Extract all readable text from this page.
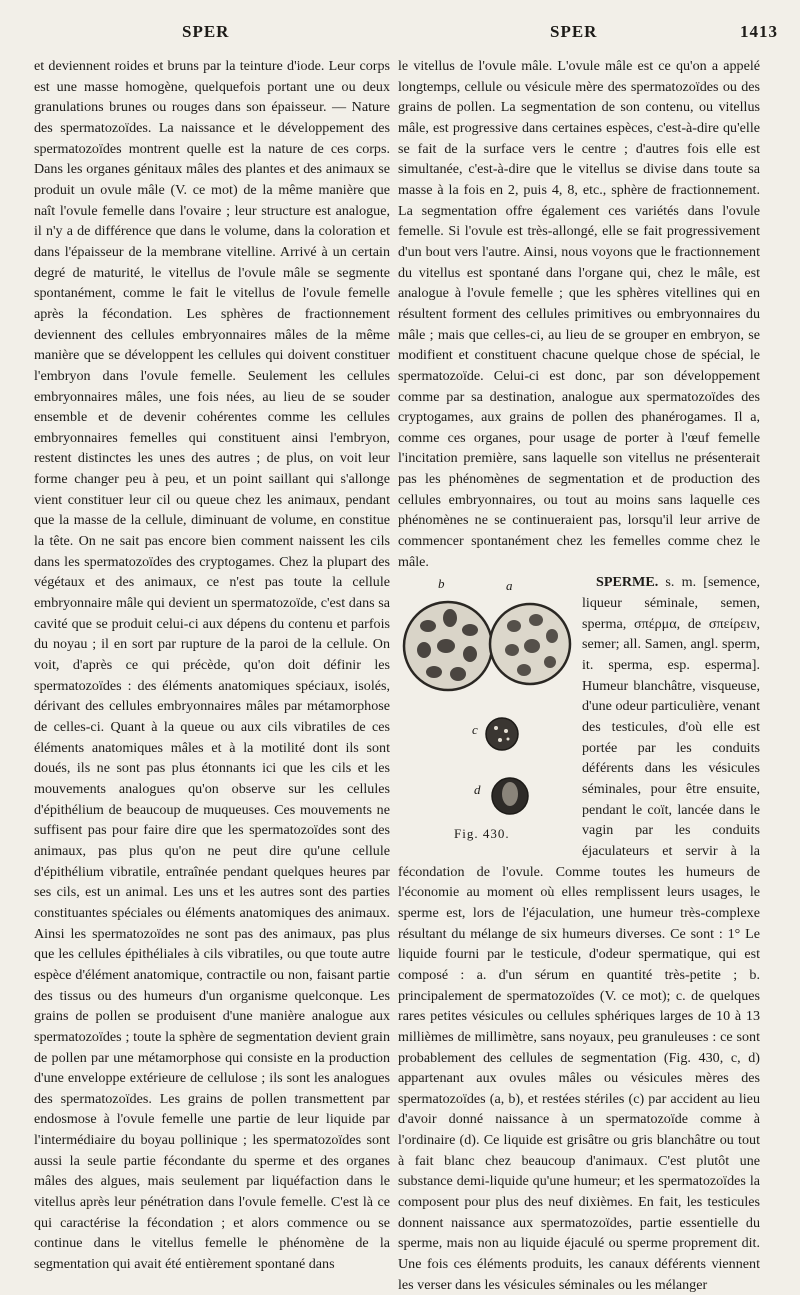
SPER	SPER	1413

et deviennent roides et bruns par la teinture d'iode. Leur corps est une masse homogène, quelquefois portant une ou deux granulations brunes ou rouges dans son épaisseur. — Nature des spermatozoïdes. La naissance et le développement des spermatozoïdes montrent quelle est la nature de ces corps. Dans les organes génitaux mâles des plantes et des animaux se produit un ovule mâle (V. ce mot) de la même manière que naît l'ovule femelle dans l'ovaire ; leur structure est analogue, il n'y a de différence que dans le volume, dans la coloration et dans l'épaisseur de la membrane vitelline. Arrivé à un certain degré de maturité, le vitellus de l'ovule mâle se segmente spontanément, comme le fait le vitellus de l'ovule femelle après la fécondation. Les sphères de fractionnement deviennent des cellules embryonnaires mâles de la même manière que se développent les cellules qui doivent constituer l'embryon dans l'ovule femelle. Seulement les cellules embryonnaires mâles, une fois nées, au lieu de se souder ensemble et de devenir cohérentes comme les cellules embryonnaires femelles qui constituent ainsi l'embryon, restent distinctes les unes des autres ; de plus, on voit leur forme changer peu à peu, et un point saillant qui s'allonge vient constituer leur cil ou queue chez les animaux, pendant que la masse de la cellule, diminuant de volume, en constitue la tête. On ne sait pas encore bien comment naissent les cils dans les spermatozoïdes des cryptogames. Chez la plupart des végétaux et des animaux, ce n'est pas toute la cellule embryonnaire mâle qui devient un spermatozoïde, c'est dans sa cavité que se produit celui-ci aux dépens du contenu et parfois du noyau ; il en sort par rupture de la paroi de la cellule. On voit, d'après ce qui précède, qu'on doit définir les spermatozoïdes : des éléments anatomiques spéciaux, isolés, dérivant des cellules embryonnaires mâles par métamorphose de celles-ci. Quant à la queue ou aux cils vibratiles de ces éléments anatomiques mâles et à la motilité dont ils sont doués, ils ne sont pas plus étonnants ici que les cils et les mouvements analogues qu'on observe sur les cellules d'épithélium de beaucoup de muqueuses. Ces mouvements ne suffisent pas pour faire dire que les spermatozoïdes sont des animaux, pas plus qu'on ne peut dire qu'une cellule d'épithélium vibratile, entraînée pendant quelques heures par ses cils, est un animal. Les uns et les autres sont des parties constituantes spéciales ou éléments anatomiques des animaux. Ainsi les spermatozoïdes ne sont pas des animaux, pas plus que les cellules épithéliales à cils vibratiles, ou que toute autre espèce d'élément anatomique, contractile ou non, faisant partie des tissus ou des humeurs d'un organisme quelconque. Les grains de pollen se produisent d'une manière analogue aux spermatozoïdes ; toute la sphère de segmentation devient grain de pollen par une métamorphose qui consiste en la production d'une enveloppe extérieure de cellulose ; ils sont les analogues des spermatozoïdes. Les grains de pollen transmettent par endosmose à l'ovule femelle une partie de leur liquide par l'intermédiaire du boyau pollinique ; les spermatozoïdes sont aussi la seule partie fécondante du sperme et des organes mâles des algues, mais seulement par liquéfaction dans le vitellus après leur pénétration dans l'ovule femelle. C'est là ce qui caractérise la fécondation ; et alors commence ou se continue dans le vitellus femelle le phénomène de la segmentation qui avait été entièrement spontané dans

le vitellus de l'ovule mâle. L'ovule mâle est ce qu'on a appelé longtemps, cellule ou vésicule mère des spermatozoïdes ou des grains de pollen. La segmentation de son contenu, ou vitellus mâle, est progressive dans certaines espèces, c'est-à-dire qu'elle se fait de la surface vers le centre ; d'autres fois elle est simultanée, c'est-à-dire que le vitellus se divise dans toute sa masse à la fois en 2, puis 4, 8, etc., sphère de fractionnement. La segmentation offre également ces variétés dans l'ovule femelle. Si l'ovule est très-allongé, elle se fait progressivement d'un bout vers l'autre. Ainsi, nous voyons que le fractionnement du vitellus est spontané dans l'organe qui, chez le mâle, est analogue à l'ovule femelle ; que les sphères vitellines qui en résultent forment des cellules primitives ou embryonnaires du mâle ; mais que celles-ci, au lieu de se grouper en embryon, se modifient et constituent chacune quelque chose de spécial, le spermatozoïde. Celui-ci est donc, par son développement comme par sa destination, analogue aux spermatozoïdes des cryptogames, aux grains de pollen des phanérogames. Il a, comme ces organes, pour usage de porter à l'œuf femelle l'incitation première, sans laquelle son vitellus ne présenterait pas les phénomènes de segmentation et de production des cellules embryonnaires, ou tout au moins sans laquelle ces phénomènes ne se continueraient pas, lorsqu'il leur arrive de commencer spontanément chez les femelles comme chez le mâle.

b	a
c
d
Fig. 430.

SPERME. s. m. [semence, liqueur séminale, semen, sperma, σπέρμα, de σπείρειν, semer; all. Samen, angl. sperm, it. sperma, esp. esperma]. Humeur blanchâtre, visqueuse, d'une odeur particulière, venant des testicules, d'où elle est portée par les conduits déférents dans les vésicules séminales, pour être ensuite, pendant le coït, lancée dans le vagin par les conduits éjaculateurs et servir à la fécondation de l'ovule. Comme toutes les humeurs de l'économie au moment où elles remplissent leurs usages, le sperme est, lors de l'éjaculation, une humeur très-complexe résultant du mélange de six humeurs diverses. Ce sont : 1° Le liquide fourni par le testicule, d'odeur spermatique, qui est composé : a. d'un sérum en quantité très-petite ; b. principalement de spermatozoïdes (V. ce mot); c. de quelques rares petites vésicules ou cellules sphériques larges de 10 à 13 millièmes de millimètre, sans noyaux, peu granuleuses : ce sont probablement des cellules de segmentation (Fig. 430, c, d) appartenant aux ovules mâles ou vésicules mères des spermatozoïdes (a, b), et restées stériles (c) par accident au lieu d'avoir donné naissance à un spermatozoïde comme à l'ordinaire (d). Ce liquide est grisâtre ou gris blanchâtre ou tout à fait blanc chez beaucoup d'animaux. C'est plutôt une substance demi-liquide qu'une humeur; et les spermatozoïdes la composent pour plus des neuf dixièmes. En fait, les testicules donnent naissance aux spermatozoïdes, partie essentielle du sperme, mais non au liquide éjaculé ou sperme proprement dit. Une fois ces éléments produits, les canaux déférents viennent les verser dans les vésicules séminales ou les mélanger
